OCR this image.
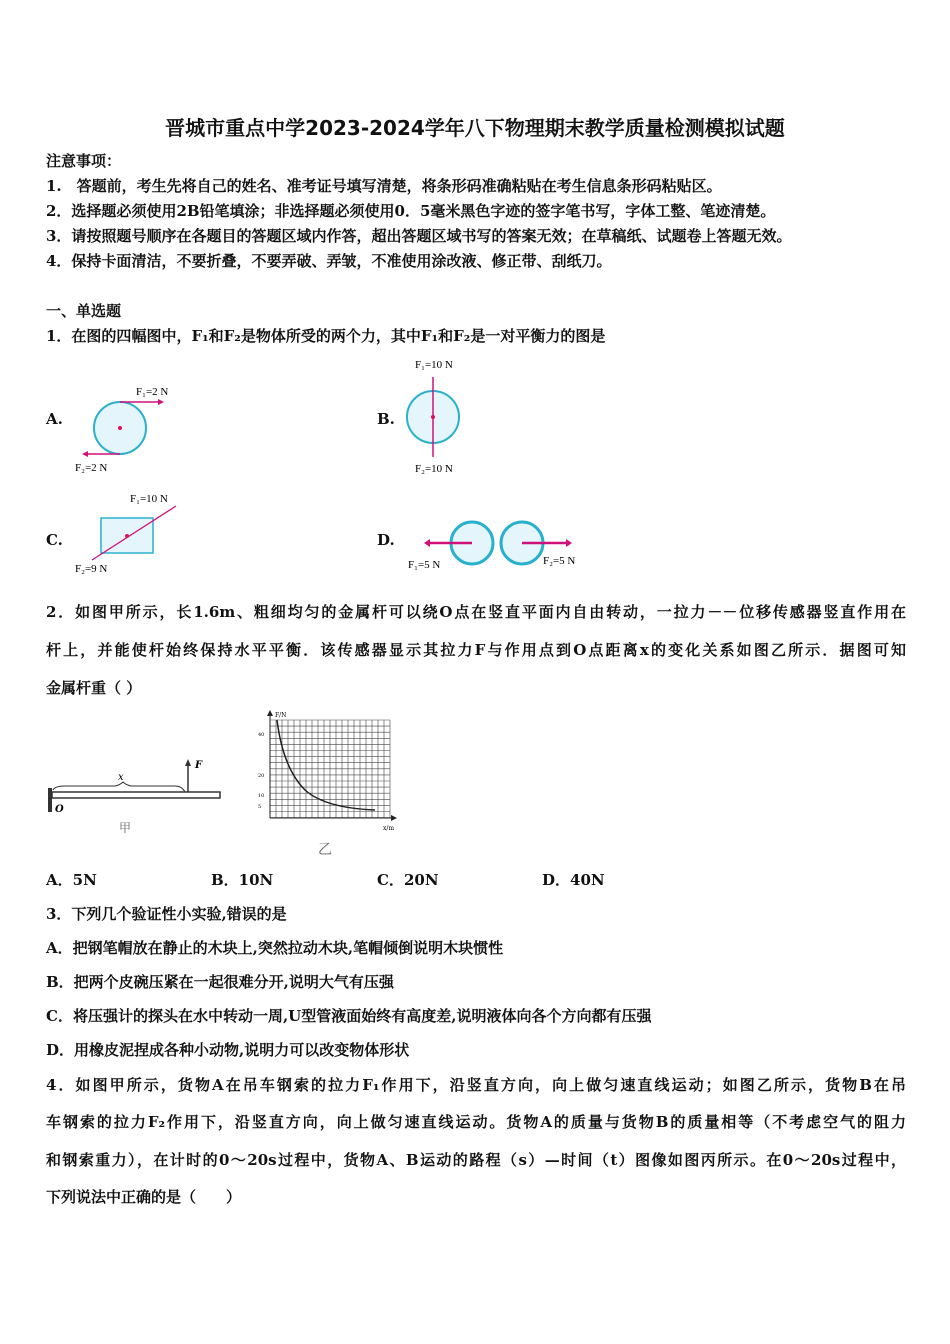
晋城市重点中学2023-2024学年八下物理期末教学质量检测模拟试题
注意事项：
1.　答题前，考生先将自己的姓名、准考证号填写清楚，将条形码准确粘贴在考生信息条形码粘贴区。
2．选择题必须使用2B铅笔填涂；非选择题必须使用0．5毫米黑色字迹的签字笔书写，字体工整、笔迹清楚。
3．请按照题号顺序在各题目的答题区域内作答，超出答题区域书写的答案无效；在草稿纸、试题卷上答题无效。
4．保持卡面清洁，不要折叠，不要弄破、弄皱，不准使用涂改液、修正带、刮纸刀。
一、单选题
1．在图的四幅图中，F₁和F₂是物体所受的两个力，其中F₁和F₂是一对平衡力的图是
A.
F₁=2 N
F₂=2 N
B.
F₁=10 N
F₂=10 N
C.
F₁=10 N
F₂=9 N
D.
F₁=5 N	F₂=5 N
2．如图甲所示，长1.6m、粗细均匀的金属杆可以绕O点在竖直平面内自由转动，一拉力－－位移传感器竖直作用在
杆上，并能使杆始终保持水平平衡．该传感器显示其拉力F与作用点到O点距离x的变化关系如图乙所示．据图可知
金属杆重（ ）
F
x
O
甲
F/N
x/m
40
20
10
5
乙
A．5N	B．10N	C．20N	D．40N
3．下列几个验证性小实验,错误的是
A．把钢笔帽放在静止的木块上,突然拉动木块,笔帽倾倒说明木块惯性
B．把两个皮碗压紧在一起很难分开,说明大气有压强
C．将压强计的探头在水中转动一周,U型管液面始终有高度差,说明液体向各个方向都有压强
D．用橡皮泥捏成各种小动物,说明力可以改变物体形状
4．如图甲所示，货物A在吊车钢索的拉力F₁作用下，沿竖直方向，向上做匀速直线运动；如图乙所示，货物B在吊
车钢索的拉力F₂作用下，沿竖直方向，向上做匀速直线运动。货物A的质量与货物B的质量相等（不考虑空气的阻力
和钢索重力），在计时的0～20s过程中，货物A、B运动的路程（s）—时间（t）图像如图丙所示。在0～20s过程中，
下列说法中正确的是（　　）
